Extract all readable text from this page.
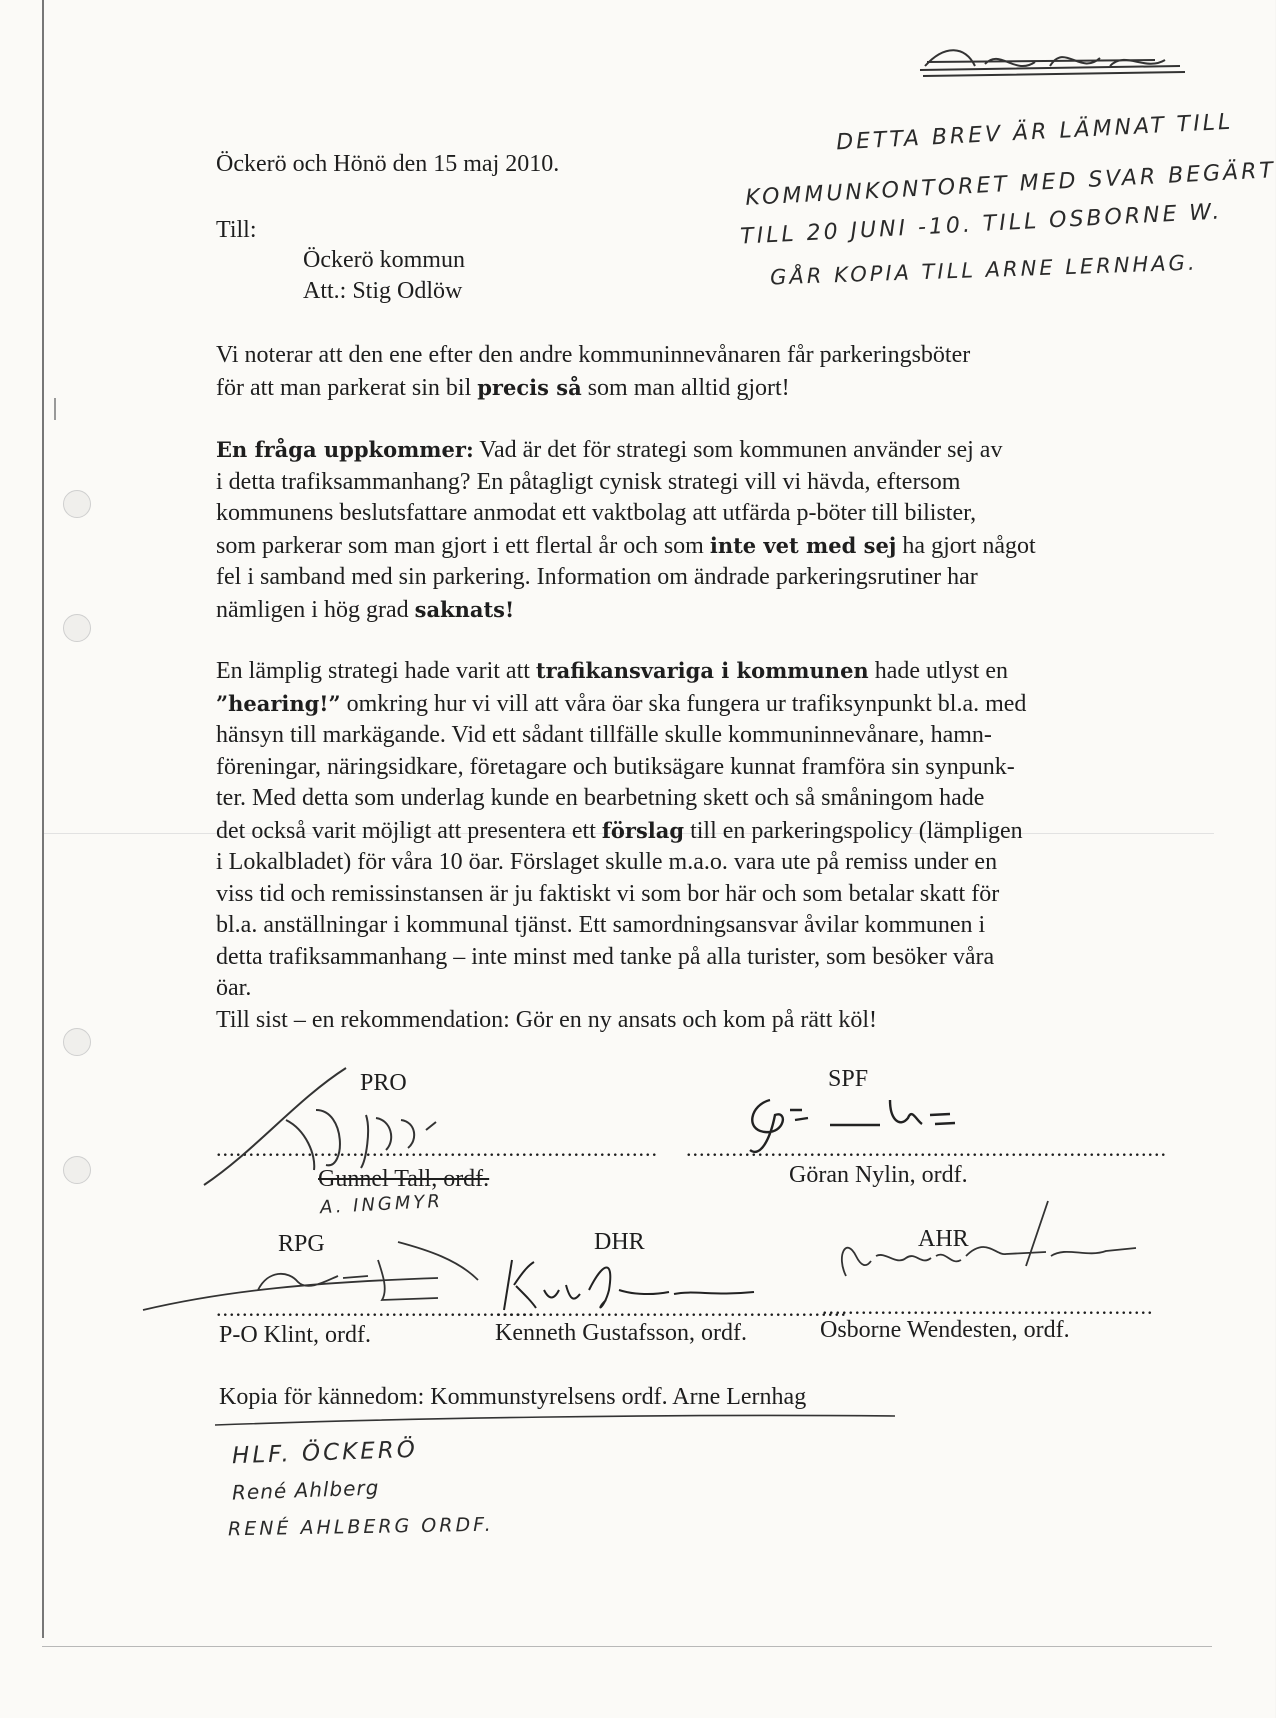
Öckerö och Hönö den 15 maj 2010.
Till:
Öckerö kommun
Att.: Stig Odlöw
DETTA BREV ÄR LÄMNAT TILL
KOMMUNKONTORET MED SVAR BEGÄRT
TILL 20 JUNI -10. TILL OSBORNE W.
GÅR KOPIA TILL ARNE LERNHAG.
Vi noterar att den ene efter den andre kommuninnevånaren får parkeringsböter
för att man parkerat sin bil precis så som man alltid gjort!
En fråga uppkommer: Vad är det för strategi som kommunen använder sej av
i detta trafiksammanhang? En påtagligt cynisk strategi vill vi hävda, eftersom
kommunens beslutsfattare anmodat ett vaktbolag att utfärda p-böter till bilister,
som parkerar som man gjort i ett flertal år och som inte vet med sej ha gjort något
fel i samband med sin parkering. Information om ändrade parkeringsrutiner har
nämligen i hög grad saknats!
En lämplig strategi hade varit att trafikansvariga i kommunen hade utlyst en
”hearing!” omkring hur vi vill att våra öar ska fungera ur trafiksynpunkt bl.a. med
hänsyn till markägande. Vid ett sådant tillfälle skulle kommuninnevånare, hamn-
föreningar, näringsidkare, företagare och butiksägare kunnat framföra sin synpunk-
ter. Med detta som underlag kunde en bearbetning skett och så småningom hade
det också varit möjligt att presentera ett förslag till en parkeringspolicy (lämpligen
i Lokalbladet) för våra 10 öar. Förslaget skulle m.a.o. vara ute på remiss under en
viss tid och remissinstansen är ju faktiskt vi som bor här och som betalar skatt för
bl.a. anställningar i kommunal tjänst. Ett samordningsansvar åvilar kommunen i
detta trafiksammanhang – inte minst med tanke på alla turister, som besöker våra
öar.
Till sist – en rekommendation: Gör en ny ansats och kom på rätt köl!
PRO	SPF
.................................................................... ..........................................................................
Gunnel Tall, ordf.	Göran Nylin, ordf.
A. INGMYR
RPG	DHR	AHR
.................................................
......................................................
...................................................
P-O Klint, ordf.	Kenneth Gustafsson, ordf.	Osborne Wendesten, ordf.
Kopia för kännedom: Kommunstyrelsens ordf. Arne Lernhag
HLF. ÖCKERÖ
René Ahlberg
RENÉ AHLBERG ORDF.
